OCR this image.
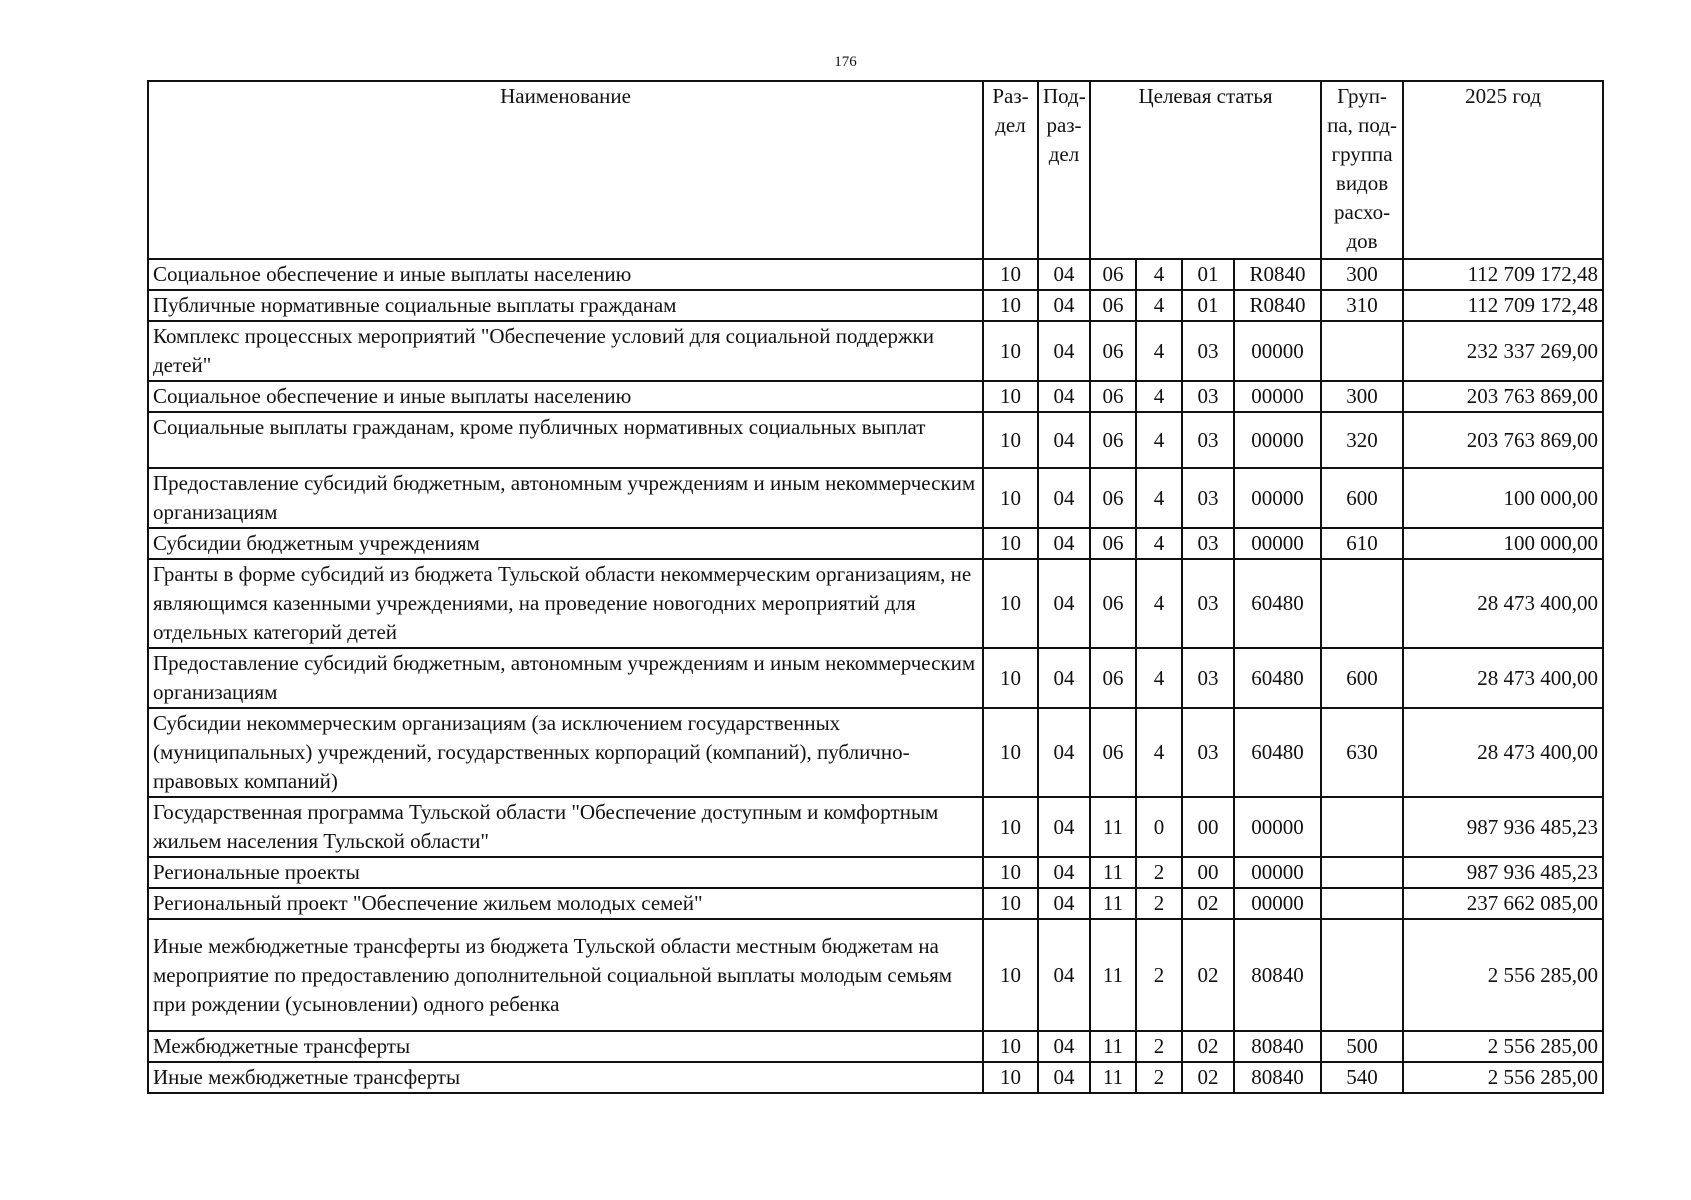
176
Наименование	Раз-дел	Под-раз-дел	Целевая статья				Груп-па, под-группа видов расхо-дов	2025 год
Социальное обеспечение и иные выплаты населению	10	04	06	4	01	R0840	300	112 709 172,48
Публичные нормативные социальные выплаты гражданам	10	04	06	4	01	R0840	310	112 709 172,48
Комплекс процессных мероприятий "Обеспечение условий для социальной поддержки детей"	10	04	06	4	03	00000		232 337 269,00
Социальное обеспечение и иные выплаты населению	10	04	06	4	03	00000	300	203 763 869,00
Социальные выплаты гражданам, кроме публичных нормативных социальных выплат	10	04	06	4	03	00000	320	203 763 869,00
Предоставление субсидий бюджетным, автономным учреждениям и иным некоммерческим организациям	10	04	06	4	03	00000	600	100 000,00
Субсидии бюджетным учреждениям	10	04	06	4	03	00000	610	100 000,00
Гранты в форме субсидий из бюджета Тульской области некоммерческим организациям, не являющимся казенными учреждениями, на проведение новогодних мероприятий для отдельных категорий детей	10	04	06	4	03	60480		28 473 400,00
Предоставление субсидий бюджетным, автономным учреждениям и иным некоммерческим организациям	10	04	06	4	03	60480	600	28 473 400,00
Субсидии некоммерческим организациям (за исключением государственных (муниципальных) учреждений, государственных корпораций (компаний), публично-правовых компаний)	10	04	06	4	03	60480	630	28 473 400,00
Государственная программа Тульской области "Обеспечение доступным и комфортным жильем населения Тульской области"	10	04	11	0	00	00000		987 936 485,23
Региональные проекты	10	04	11	2	00	00000		987 936 485,23
Региональный проект "Обеспечение жильем молодых семей"	10	04	11	2	02	00000		237 662 085,00
Иные межбюджетные трансферты из бюджета Тульской области местным бюджетам на мероприятие по предоставлению дополнительной социальной выплаты молодым семьям при рождении (усыновлении) одного ребенка	10	04	11	2	02	80840		2 556 285,00
Межбюджетные трансферты	10	04	11	2	02	80840	500	2 556 285,00
Иные межбюджетные трансферты	10	04	11	2	02	80840	540	2 556 285,00
